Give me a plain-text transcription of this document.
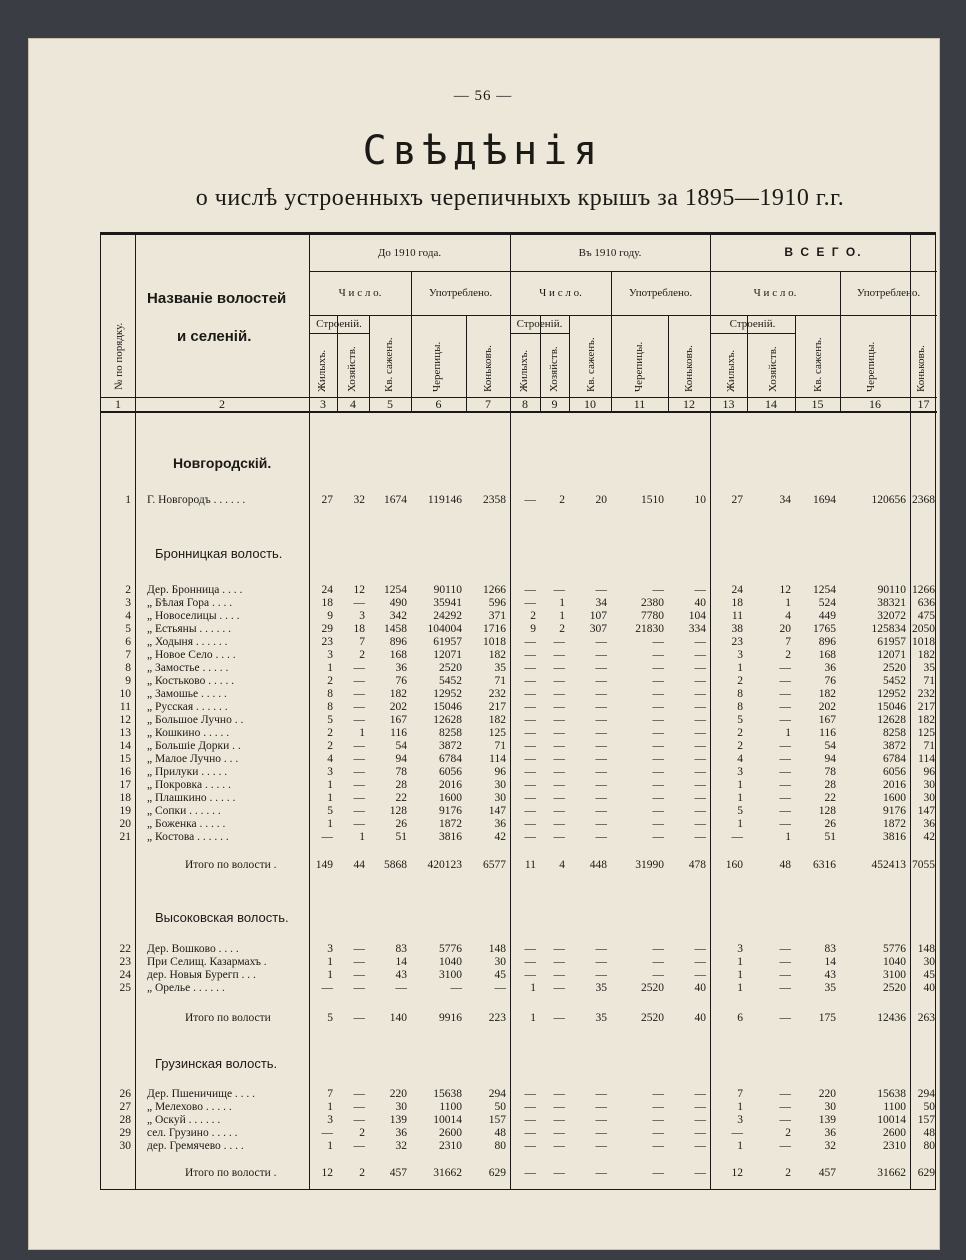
— 56 —
Свѣдѣнія
о числѣ устроенныхъ черепичныхъ крышъ за 1895—1910 г.г.
№ по порядку.
Названіе волостей
и селеній.
До 1910 года.	Въ 1910 году.	В С Е Г О.
Ч и с л о.	Употреблено.	Ч и с л о.	Употреблено.	Ч и с л о.	Употреблено.
Строеній.	Строеній.	Строеній.
Жилыхъ. Хозяйств. Кв. саженъ.	Черепицы.	Коньковъ. Жилыхъ. Хозяйств. Кв. саженъ.	Черепицы.	Коньковъ.	Жилыхъ.	Хозяйств.	Кв. саженъ.	Черепицы.	Коньковъ.
1	2	3	4	5	6	7	8	9	10	11	12	13	14	15	16	17
Новгородскій.
Бронницкая волость.
Высоковская волость.
Грузинская волость.
1 Г. Новгородъ . . . . . .	27 32 1674 119146 2358 — 2	20	1510	10 27	34 1694	120656 2368
2 Дер. Бронница . . . .	24 12 1254 90110 1266 — —	—	—	— 24	12 1254	90110 1266
3 „ Бѣлая Гора . . . .	18 — 490 35941 596 — 1	34	2380	40 18	1 524	38321 636
4 „ Новоселицы . . . .	9 3 342 24292 371 2 1 107	7780 104 11	4 449	32072 475
5 „ Естьяны . . . . . .	29 18 1458 104004 1716 9 2 307 21830 334 38	20 1765	125834 2050
6 „ Ходыня . . . . . .	23 7 896 61957 1018 — —	—	—	— 23	7 896	61957 1018
7 „ Новое Село . . . .	3 2 168 12071 182 — —	—	—	—	3	2 168	12071 182
8 „ Замостье . . . . .	1 —	36	2520	35 — —	—	—	—	1	—	36	2520 35
9 „ Костьково . . . . .	2 —	76	5452	71 — —	—	—	—	2	—	76	5452 71
10 „ Замошье . . . . .	8 — 182 12952 232 — —	—	—	—	8	— 182	12952 232
11 „ Русская . . . . . .	8 — 202 15046 217 — —	—	—	—	8	— 202	15046 217
12 „ Большое Лучно . .	5 — 167 12628 182 — —	—	—	—	5	— 167	12628 182
13 „ Кошкино . . . . .	2 1 116	8258 125 — —	—	—	—	2	1 116	8258 125
14 „ Большіе Дорки . .	2 —	54	3872	71 — —	—	—	—	2	—	54	3872 71
15 „ Малое Лучно . . .	4 —	94	6784 114 — —	—	—	—	4	—	94	6784 114
16 „ Прилуки . . . . .	3 —	78	6056	96 — —	—	—	—	3	—	78	6056 96
17 „ Покровка . . . . .	1 —	28	2016	30 — —	—	—	—	1	—	28	2016 30
18 „ Плашкино . . . . .	1 —	22	1600	30 — —	—	—	—	1	—	22	1600 30
19 „ Сопки . . . . . .	5 — 128	9176 147 — —	—	—	—	5	— 128	9176 147
20 „ Боженка . . . . .	1 —	26	1872	36 — —	—	—	—	1	—	26	1872 36
21 „ Костова . . . . . .	— 1	51	3816	42 — —	—	—	— —	1	51	3816 42
Итого по волости .	149 44 5868 420123 6577 11 4 448 31990 478 160	48 6316	452413 7055
22 Дер. Вошково . . . .	3 —	83	5776 148 — —	—	—	—	3	—	83	5776 148
23 При Селищ. Казармахъ .	1 —	14	1040	30 — —	—	—	—	1	—	14	1040 30
24 дер. Новыя Бурегп . . .	1 —	43	3100	45 — —	—	—	—	1	—	43	3100 45
25 „ Орелье . . . . . .	— —	—	—	— 1 —	35	2520	40	1	—	35	2520 40
Итого по волости	5 — 140	9916 223 1 —	35	2520	40	6	— 175	12436 263
26 Дер. Пшеничище . . . .	7 — 220 15638 294 — —	—	—	—	7	— 220	15638 294
27 „ Мелехово . . . . .	1 —	30	1100	50 — —	—	—	—	1	—	30	1100 50
28 „ Оскуй . . . . . .	3 — 139 10014 157 — —	—	—	—	3	— 139	10014 157
29 сел. Грузино . . . . .	— 2	36	2600	48 — —	—	—	— —	2	36	2600 48
30 дер. Гремячево . . . .	1 —	32	2310	80 — —	—	—	—	1	—	32	2310 80
Итого по волости .	12 2 457 31662 629 — —	—	—	— 12	2 457	31662 629
